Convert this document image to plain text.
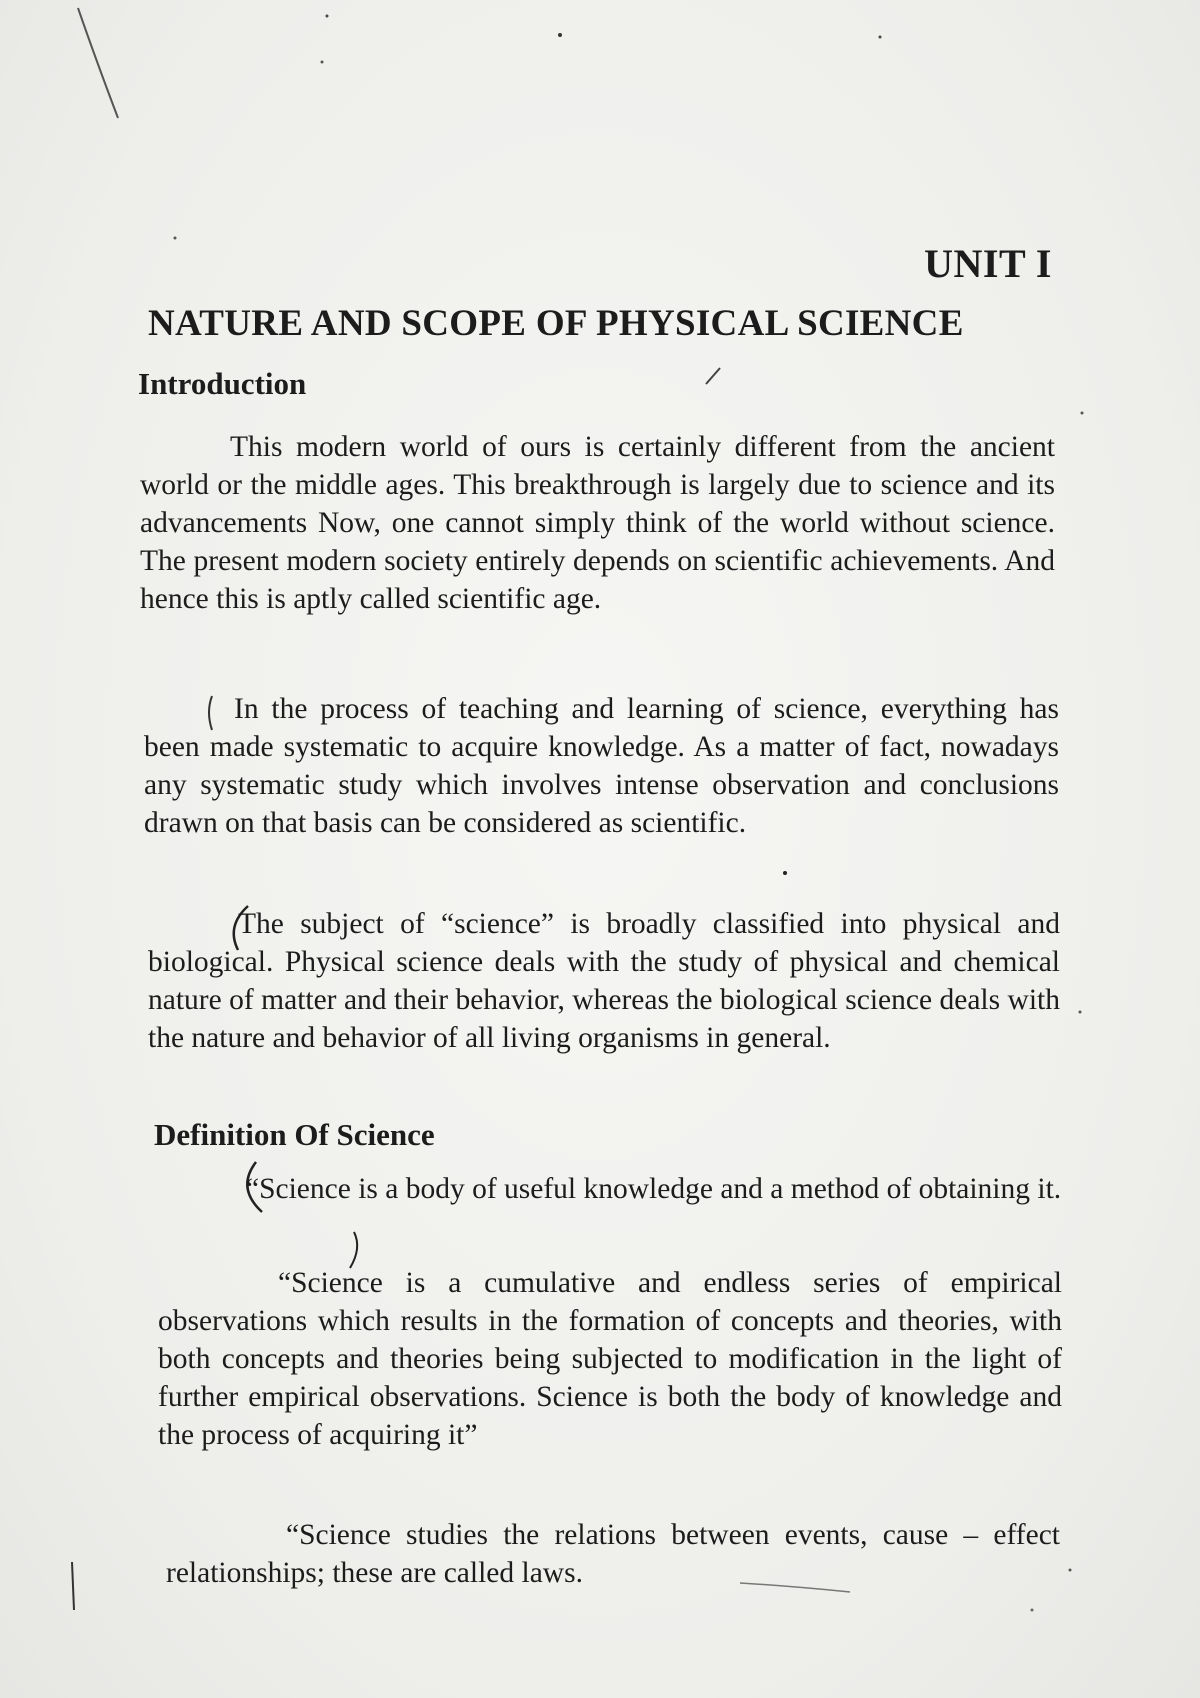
UNIT I
NATURE AND SCOPE OF PHYSICAL SCIENCE
Introduction

This modern world of ours is certainly different from the ancient world or the middle ages. This breakthrough is largely due to science and its advancements Now, one cannot simply think of the world without science. The present modern society entirely depends on scientific achievements. And hence this is aptly called scientific age.

In the process of teaching and learning of science, everything has been made systematic to acquire knowledge. As a matter of fact, nowadays any systematic study which involves intense observation and conclusions drawn on that basis can be considered as scientific.

The subject of “science” is broadly classified into physical and biological. Physical science deals with the study of physical and chemical nature of matter and their behavior, whereas the biological science deals with the nature and behavior of all living organisms in general.

Definition Of Science

“Science is a body of useful knowledge and a method of obtaining it.

“Science is a cumulative and endless series of empirical observations which results in the formation of concepts and theories, with both concepts and theories being subjected to modification in the light of further empirical observations. Science is both the body of knowledge and the process of acquiring it”

“Science studies the relations between events, cause – effect relationships; these are called laws.
